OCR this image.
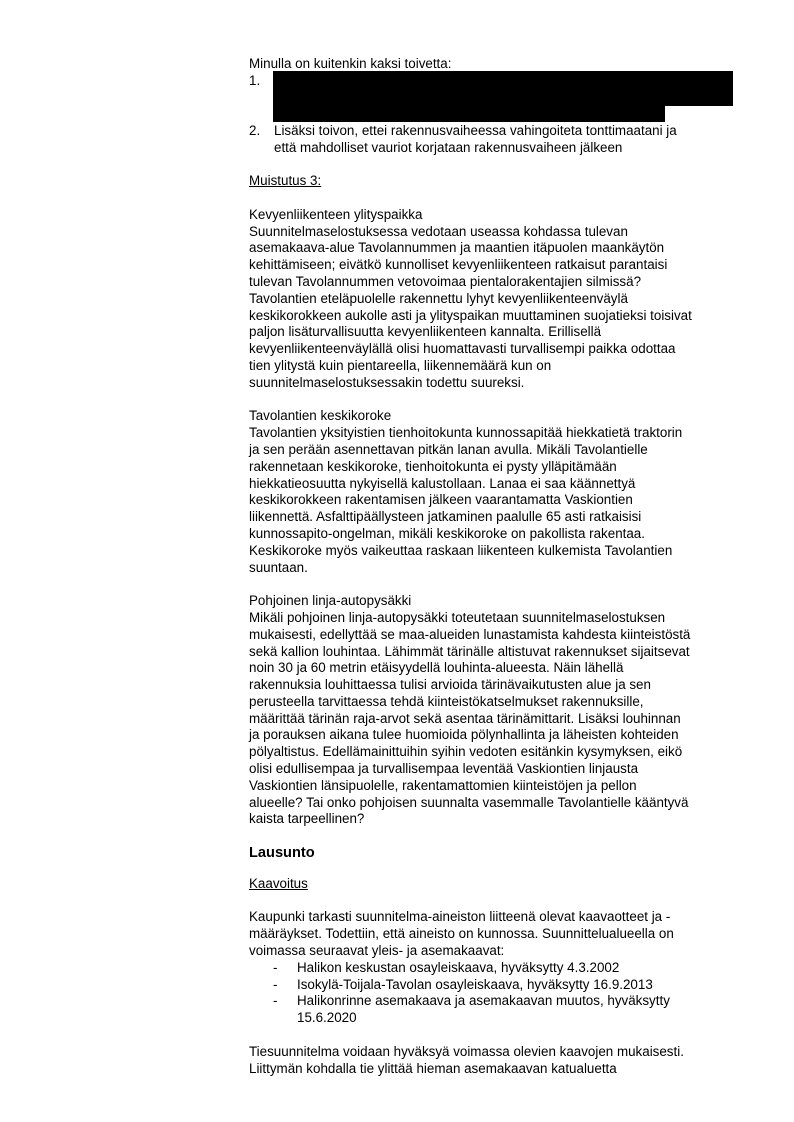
Minulla on kuitenkin kaksi toivetta:
1.
2. Lisäksi toivon, ettei rakennusvaiheessa vahingoiteta tonttimaatani ja
että mahdolliset vauriot korjataan rakennusvaiheen jälkeen
Muistutus 3:
Kevyenliikenteen ylityspaikka
Suunnitelmaselostuksessa vedotaan useassa kohdassa tulevan
asemakaava-alue Tavolannummen ja maantien itäpuolen maankäytön
kehittämiseen; eivätkö kunnolliset kevyenliikenteen ratkaisut parantaisi
tulevan Tavolannummen vetovoimaa pientalorakentajien silmissä?
Tavolantien eteläpuolelle rakennettu lyhyt kevyenliikenteenväylä
keskikorokkeen aukolle asti ja ylityspaikan muuttaminen suojatieksi toisivat
paljon lisäturvallisuutta kevyenliikenteen kannalta. Erillisellä
kevyenliikenteenväylällä olisi huomattavasti turvallisempi paikka odottaa
tien ylitystä kuin pientareella, liikennemäärä kun on
suunnitelmaselostuksessakin todettu suureksi.
Tavolantien keskikoroke
Tavolantien yksityistien tienhoitokunta kunnossapitää hiekkatietä traktorin
ja sen perään asennettavan pitkän lanan avulla. Mikäli Tavolantielle
rakennetaan keskikoroke, tienhoitokunta ei pysty ylläpitämään
hiekkatieosuutta nykyisellä kalustollaan. Lanaa ei saa käännettyä
keskikorokkeen rakentamisen jälkeen vaarantamatta Vaskiontien
liikennettä. Asfalttipäällysteen jatkaminen paalulle 65 asti ratkaisisi
kunnossapito-ongelman, mikäli keskikoroke on pakollista rakentaa.
Keskikoroke myös vaikeuttaa raskaan liikenteen kulkemista Tavolantien
suuntaan.
Pohjoinen linja-autopysäkki
Mikäli pohjoinen linja-autopysäkki toteutetaan suunnitelmaselostuksen
mukaisesti, edellyttää se maa-alueiden lunastamista kahdesta kiinteistöstä
sekä kallion louhintaa. Lähimmät tärinälle altistuvat rakennukset sijaitsevat
noin 30 ja 60 metrin etäisyydellä louhinta-alueesta. Näin lähellä
rakennuksia louhittaessa tulisi arvioida tärinävaikutusten alue ja sen
perusteella tarvittaessa tehdä kiinteistökatselmukset rakennuksille,
määrittää tärinän raja-arvot sekä asentaa tärinämittarit. Lisäksi louhinnan
ja porauksen aikana tulee huomioida pölynhallinta ja läheisten kohteiden
pölyaltistus. Edellämainittuihin syihin vedoten esitänkin kysymyksen, eikö
olisi edullisempaa ja turvallisempaa leventää Vaskiontien linjausta
Vaskiontien länsipuolelle, rakentamattomien kiinteistöjen ja pellon
alueelle? Tai onko pohjoisen suunnalta vasemmalle Tavolantielle kääntyvä
kaista tarpeellinen?
Lausunto
Kaavoitus
Kaupunki tarkasti suunnitelma-aineiston liitteenä olevat kaavaotteet ja -
määräykset. Todettiin, että aineisto on kunnossa. Suunnittelualueella on
voimassa seuraavat yleis- ja asemakaavat:
- Halikon keskustan osayleiskaava, hyväksytty 4.3.2002
- Isokylä-Toijala-Tavolan osayleiskaava, hyväksytty 16.9.2013
- Halikonrinne asemakaava ja asemakaavan muutos, hyväksytty
15.6.2020
Tiesuunnitelma voidaan hyväksyä voimassa olevien kaavojen mukaisesti.
Liittymän kohdalla tie ylittää hieman asemakaavan katualuetta
